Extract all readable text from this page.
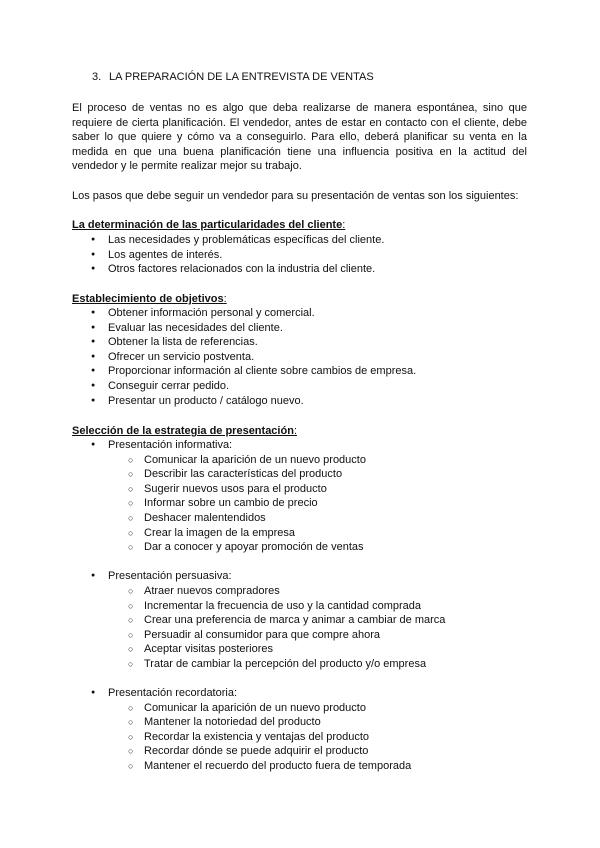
3. LA PREPARACIÓN DE LA ENTREVISTA DE VENTAS
El proceso de ventas no es algo que deba realizarse de manera espontánea, sino que requiere de cierta planificación. El vendedor, antes de estar en contacto con el cliente, debe saber lo que quiere y cómo va a conseguirlo. Para ello, deberá planificar su venta en la medida en que una buena planificación tiene una influencia positiva en la actitud del vendedor y le permite realizar mejor su trabajo.
Los pasos que debe seguir un vendedor para su presentación de ventas son los siguientes:
La determinación de las particularidades del cliente:
● Las necesidades y problemáticas específicas del cliente.
● Los agentes de interés.
● Otros factores relacionados con la industria del cliente.
Establecimiento de objetivos:
● Obtener información personal y comercial.
● Evaluar las necesidades del cliente.
● Obtener la lista de referencias.
● Ofrecer un servicio postventa.
● Proporcionar información al cliente sobre cambios de empresa.
● Conseguir cerrar pedido.
● Presentar un producto / catálogo nuevo.
Selección de la estrategia de presentación:
● Presentación informativa:
○ Comunicar la aparición de un nuevo producto
○ Describir las características del producto
○ Sugerir nuevos usos para el producto
○ Informar sobre un cambio de precio
○ Deshacer malentendidos
○ Crear la imagen de la empresa
○ Dar a conocer y apoyar promoción de ventas
● Presentación persuasiva:
○ Atraer nuevos compradores
○ Incrementar la frecuencia de uso y la cantidad comprada
○ Crear una preferencia de marca y animar a cambiar de marca
○ Persuadir al consumidor para que compre ahora
○ Aceptar visitas posteriores
○ Tratar de cambiar la percepción del producto y/o empresa
● Presentación recordatoria:
○ Comunicar la aparición de un nuevo producto
○ Mantener la notoriedad del producto
○ Recordar la existencia y ventajas del producto
○ Recordar dónde se puede adquirir el producto
○ Mantener el recuerdo del producto fuera de temporada
